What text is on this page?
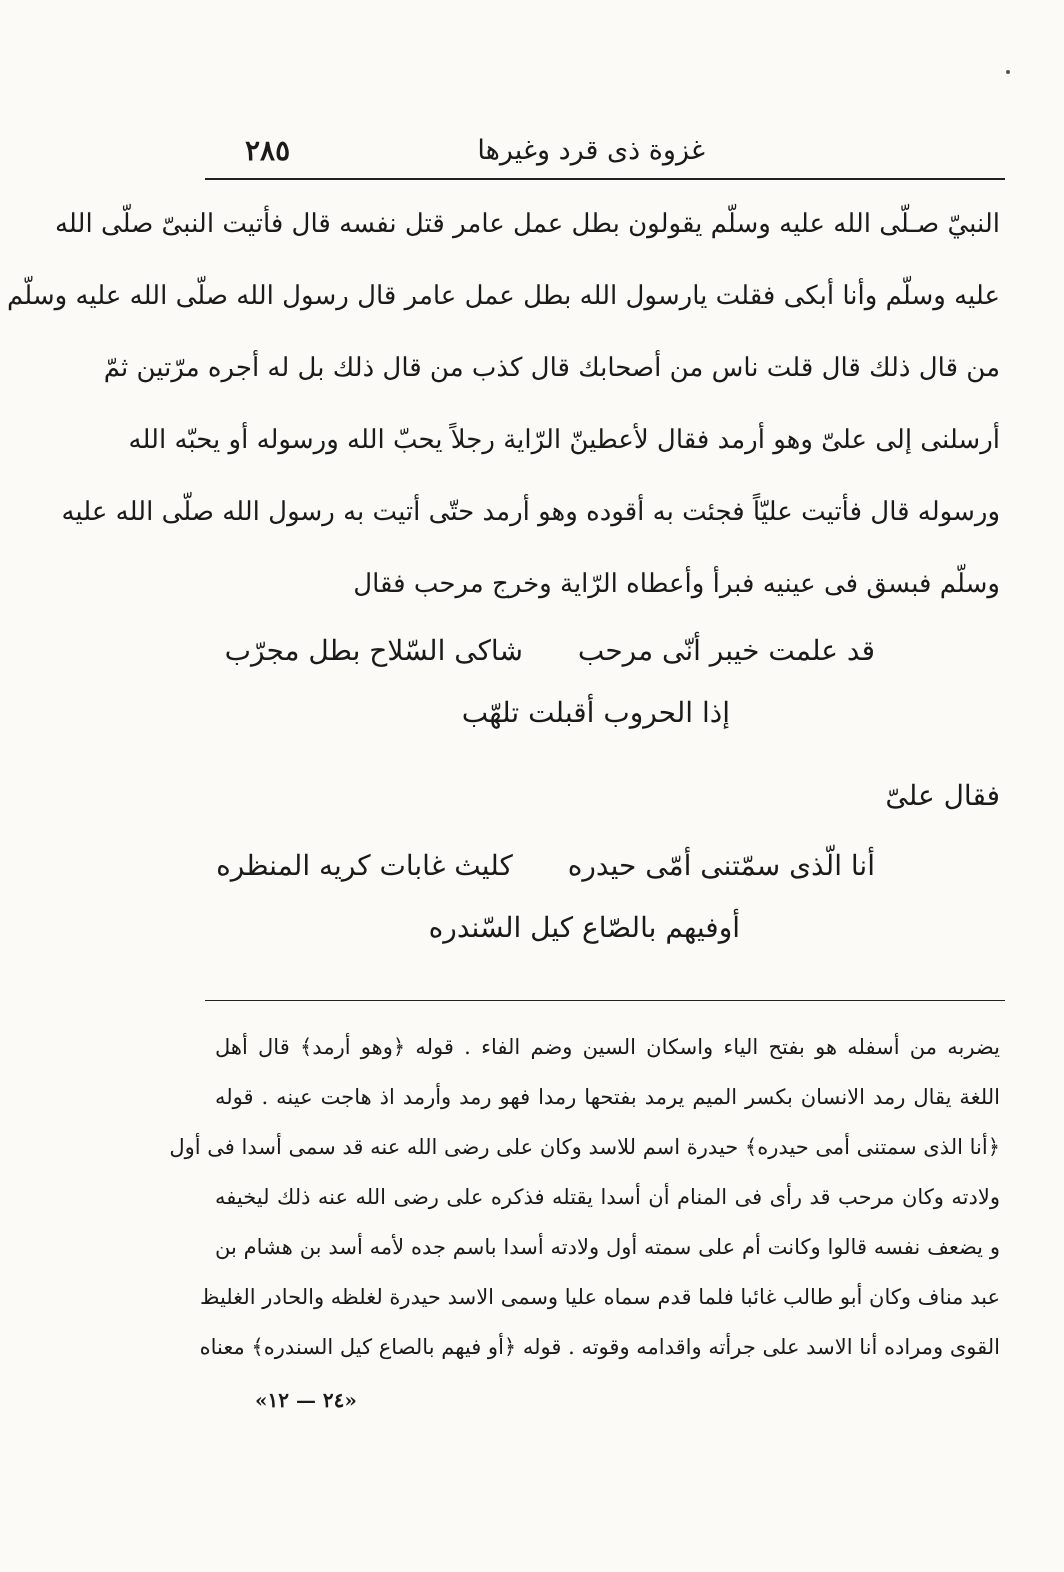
غزوة ذى قرد وغيرها
٢٨٥
النبيّ صـلّى الله عليه وسلّم يقولون بطل عمل عامر قتل نفسه قال فأتيت النبىّ صلّى الله
عليه وسلّم وأنا أبكى فقلت يارسول الله بطل عمل عامر قال رسول الله صلّى الله عليه وسلّم
من قال ذلك قال قلت ناس من أصحابك قال كذب من قال ذلك بل له أجره مرّتين ثمّ
أرسلنى إلى علىّ وهو أرمد فقال لأعطينّ الرّاية رجلاً يحبّ الله ورسوله أو يحبّه الله
ورسوله قال فأتيت عليّاً فجئت به أقوده وهو أرمد حتّى أتيت به رسول الله صلّى الله عليه
وسلّم فبسق فى عينيه فبرأ وأعطاه الرّاية وخرج مرحب فقال
قد علمت خيبر أنّى مرحب شاكى السّلاح بطل مجرّب
إذا الحروب أقبلت تلهّب
فقال علىّ
أنا الّذى سمّتنى أمّى حيدره كليث غابات كريه المنظره
أوفيهم بالصّاع كيل السّندره
يضربه من أسفله هو بفتح الياء واسكان السين وضم الفاء . قوله ﴿وهو أرمد﴾ قال أهل
اللغة يقال رمد الانسان بكسر الميم يرمد بفتحها رمدا فهو رمد وأرمد اذ هاجت عينه . قوله
﴿أنا الذى سمتنى أمى حيدره﴾ حيدرة اسم للاسد وكان على رضى الله عنه قد سمى أسدا فى أول
ولادته وكان مرحب قد رأى فى المنام أن أسدا يقتله فذكره على رضى الله عنه ذلك ليخيفه
و يضعف نفسه قالوا وكانت أم على سمته أول ولادته أسدا باسم جده لأمه أسد بن هشام بن
عبد مناف وكان أبو طالب غائبا فلما قدم سماه عليا وسمى الاسد حيدرة لغلظه والحادر الغليظ
القوى ومراده أنا الاسد على جرأته واقدامه وقوته . قوله ﴿أو فيهم بالصاع كيل السندره﴾ معناه
«٢٤ — ١٢»
